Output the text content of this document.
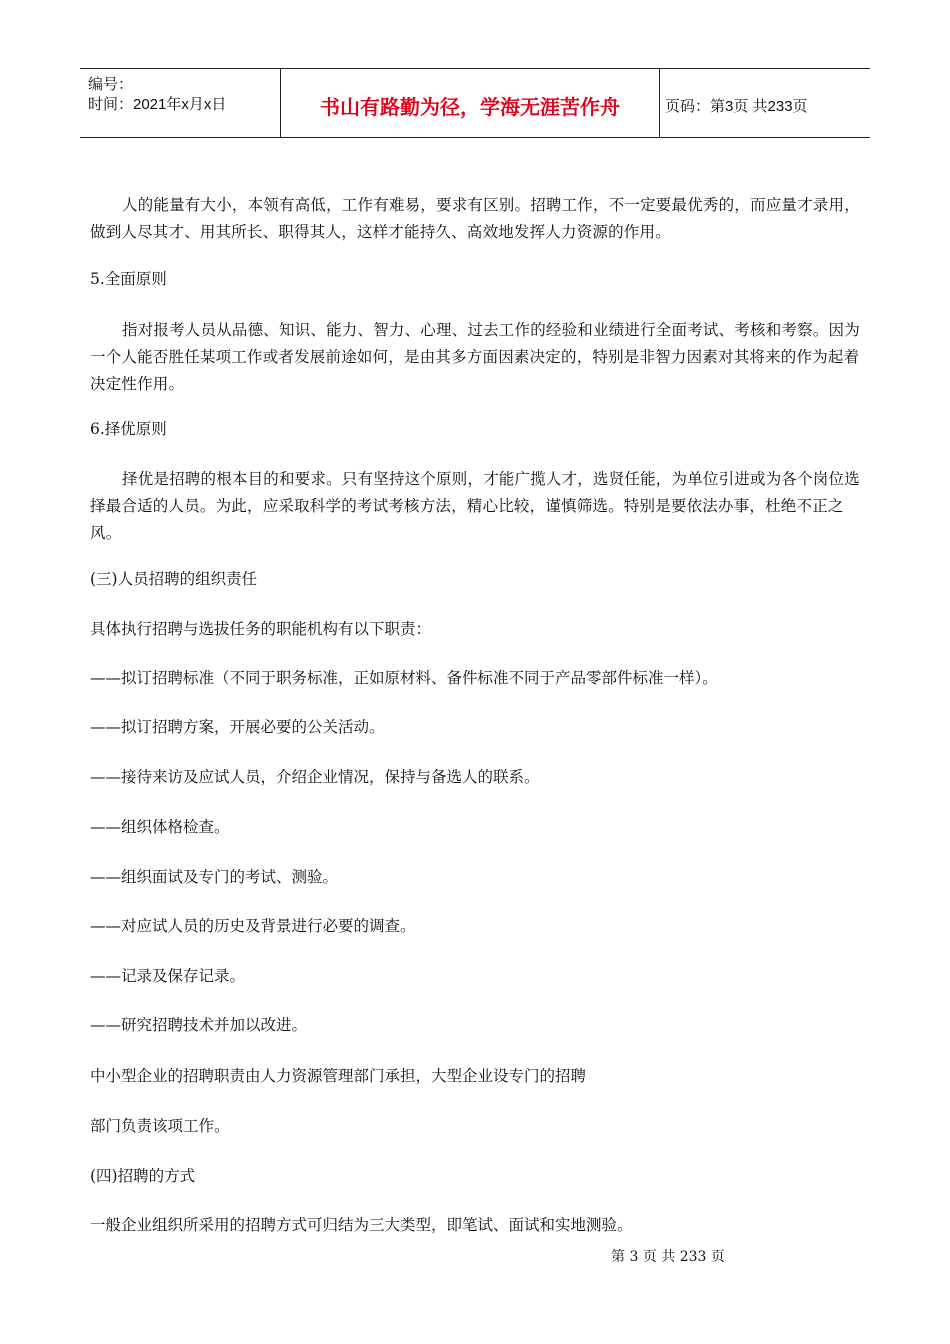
编号：
时间：2021年x月x日	书山有路勤为径，学海无涯苦作舟	页码：第3页 共233页

人的能量有大小，本领有高低，工作有难易，要求有区别。招聘工作，不一定要最优秀的，而应量才录用，做到人尽其才、用其所长、职得其人，这样才能持久、高效地发挥人力资源的作用。

5.全面原则

指对报考人员从品德、知识、能力、智力、心理、过去工作的经验和业绩进行全面考试、考核和考察。因为一个人能否胜任某项工作或者发展前途如何，是由其多方面因素决定的，特别是非智力因素对其将来的作为起着决定性作用。

6.择优原则

择优是招聘的根本目的和要求。只有坚持这个原则，才能广揽人才，选贤任能，为单位引进或为各个岗位选择最合适的人员。为此，应采取科学的考试考核方法，精心比较，谨慎筛选。特别是要依法办事，杜绝不正之风。

(三)人员招聘的组织责任

具体执行招聘与选拔任务的职能机构有以下职责：

——拟订招聘标准（不同于职务标准，正如原材料、备件标准不同于产品零部件标准一样）。

——拟订招聘方案，开展必要的公关活动。

——接待来访及应试人员，介绍企业情况，保持与备选人的联系。

——组织体格检查。

——组织面试及专门的考试、测验。

——对应试人员的历史及背景进行必要的调查。

——记录及保存记录。

——研究招聘技术并加以改进。

中小型企业的招聘职责由人力资源管理部门承担，大型企业设专门的招聘

部门负责该项工作。

(四)招聘的方式

一般企业组织所采用的招聘方式可归结为三大类型，即笔试、面试和实地测验。

第 3 页 共 233 页
